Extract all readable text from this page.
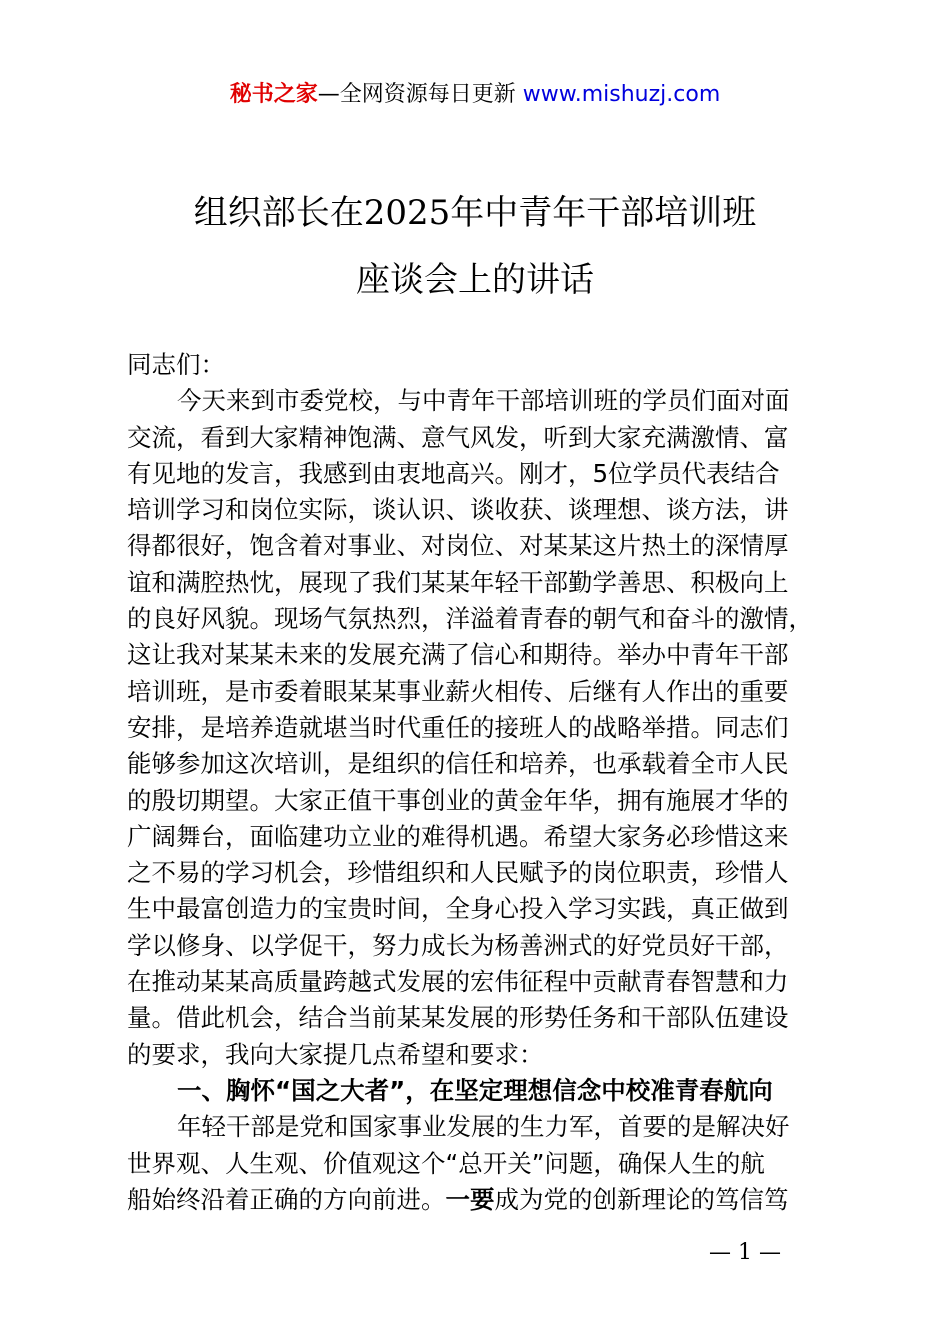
秘书之家—全网资源每日更新 www.mishuzj.com
组织部长在2025年中青年干部培训班
座谈会上的讲话
同志们：
今天来到市委党校，与中青年干部培训班的学员们面对面
交流，看到大家精神饱满、意气风发，听到大家充满激情、富
有见地的发言，我感到由衷地高兴。刚才，5位学员代表结合
培训学习和岗位实际，谈认识、谈收获、谈理想、谈方法，讲
得都很好，饱含着对事业、对岗位、对某某这片热土的深情厚
谊和满腔热忱，展现了我们某某年轻干部勤学善思、积极向上
的良好风貌。现场气氛热烈，洋溢着青春的朝气和奋斗的激情，
这让我对某某未来的发展充满了信心和期待。举办中青年干部
培训班，是市委着眼某某事业薪火相传、后继有人作出的重要
安排，是培养造就堪当时代重任的接班人的战略举措。同志们
能够参加这次培训，是组织的信任和培养，也承载着全市人民
的殷切期望。大家正值干事创业的黄金年华，拥有施展才华的
广阔舞台，面临建功立业的难得机遇。希望大家务必珍惜这来
之不易的学习机会，珍惜组织和人民赋予的岗位职责，珍惜人
生中最富创造力的宝贵时间，全身心投入学习实践，真正做到
学以修身、以学促干，努力成长为杨善洲式的好党员好干部，
在推动某某高质量跨越式发展的宏伟征程中贡献青春智慧和力
量。借此机会，结合当前某某发展的形势任务和干部队伍建设
的要求，我向大家提几点希望和要求：
一、胸怀“国之大者”，在坚定理想信念中校准青春航向
年轻干部是党和国家事业发展的生力军，首要的是解决好
世界观、人生观、价值观这个“总开关”问题，确保人生的航
船始终沿着正确的方向前进。一要成为党的创新理论的笃信笃
— 1 —
